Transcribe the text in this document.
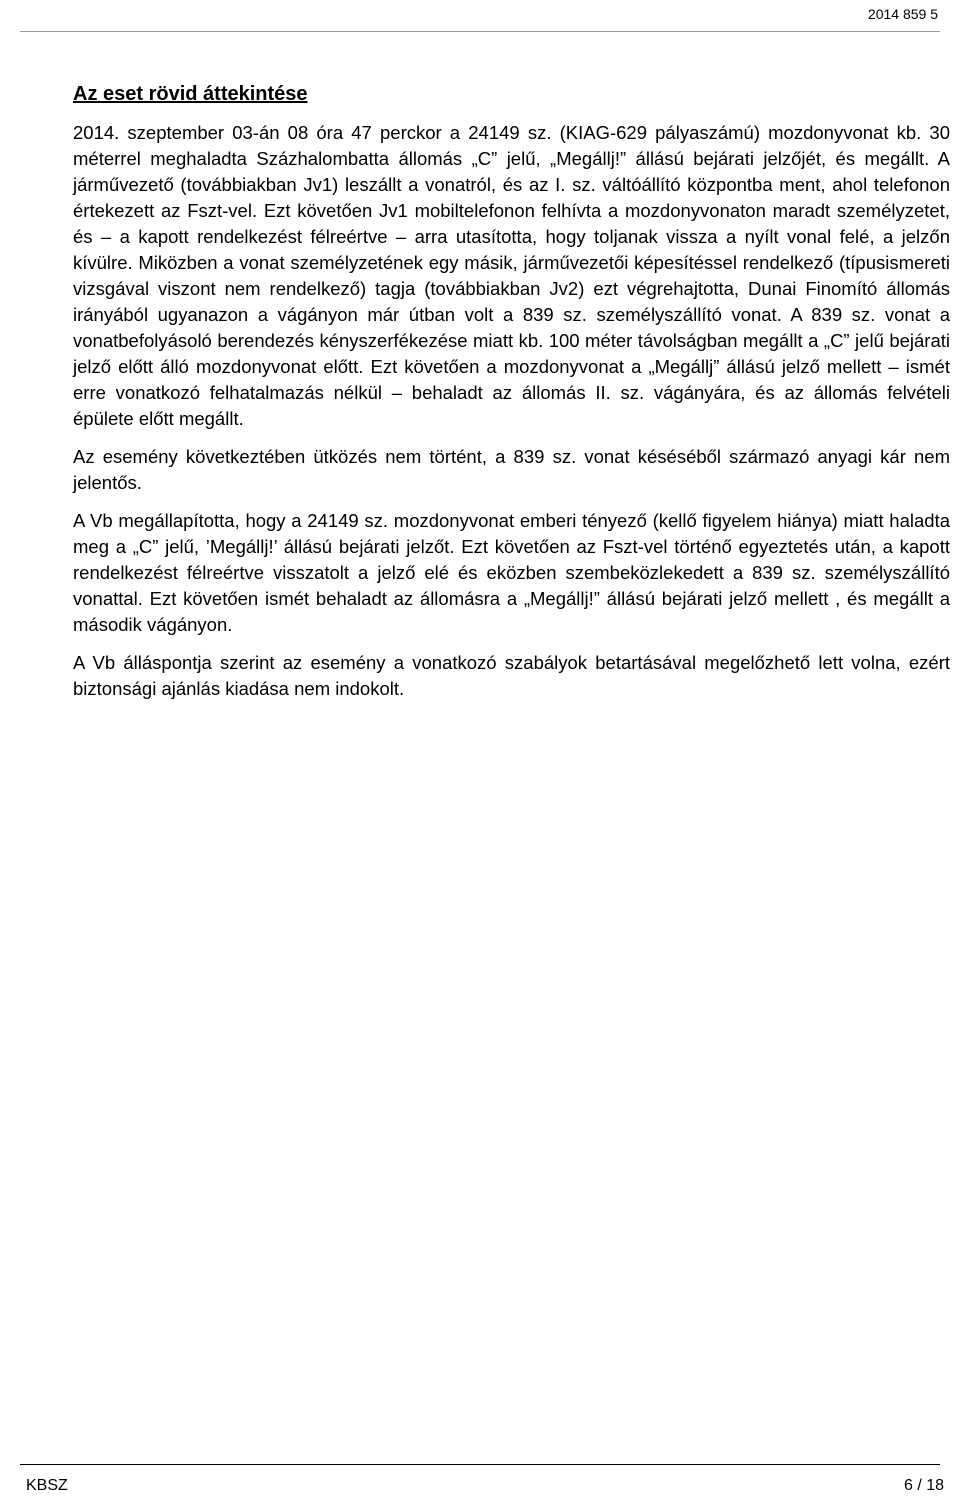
2014 859 5
Az eset rövid áttekintése

2014. szeptember 03-án 08 óra 47 perckor a 24149 sz. (KIAG-629 pályaszámú) mozdonyvonat kb. 30 méterrel meghaladta Százhalombatta állomás „C” jelű, „Megállj!” állású bejárati jelzőjét, és megállt. A járművezető (továbbiakban Jv1) leszállt a vonatról, és az I. sz. váltóállító központba ment, ahol telefonon értekezett az Fszt-vel. Ezt követően Jv1 mobiltelefonon felhívta a mozdonyvonaton maradt személyzetet, és – a kapott rendelkezést félreértve – arra utasította, hogy toljanak vissza a nyílt vonal felé, a jelzőn kívülre. Miközben a vonat személyzetének egy másik, járművezetői képesítéssel rendelkező (típusismereti vizsgával viszont nem rendelkező) tagja (továbbiakban Jv2) ezt végrehajtotta, Dunai Finomító állomás irányából ugyanazon a vágányon már útban volt a 839 sz. személyszállító vonat. A 839 sz. vonat a vonatbefolyásoló berendezés kényszerfékezése miatt kb. 100 méter távolságban megállt a „C” jelű bejárati jelző előtt álló mozdonyvonat előtt. Ezt követően a mozdonyvonat a „Megállj” állású jelző mellett – ismét erre vonatkozó felhatalmazás nélkül – behaladt az állomás II. sz. vágányára, és az állomás felvételi épülete előtt megállt.

Az esemény következtében ütközés nem történt, a 839 sz. vonat késéséből származó anyagi kár nem jelentős.

A Vb megállapította, hogy a 24149 sz. mozdonyvonat emberi tényező (kellő figyelem hiánya) miatt haladta meg a „C” jelű, ’Megállj!’ állású bejárati jelzőt. Ezt követően az Fszt-vel történő egyeztetés után, a kapott rendelkezést félreértve visszatolt a jelző elé és eközben szembeközlekedett a 839 sz. személyszállító vonattal. Ezt követően ismét behaladt az állomásra a „Megállj!” állású bejárati jelző mellett , és megállt a második vágányon.

A Vb álláspontja szerint az esemény a vonatkozó szabályok betartásával megelőzhető lett volna, ezért biztonsági ajánlás kiadása nem indokolt.

KBSZ	6 / 18
